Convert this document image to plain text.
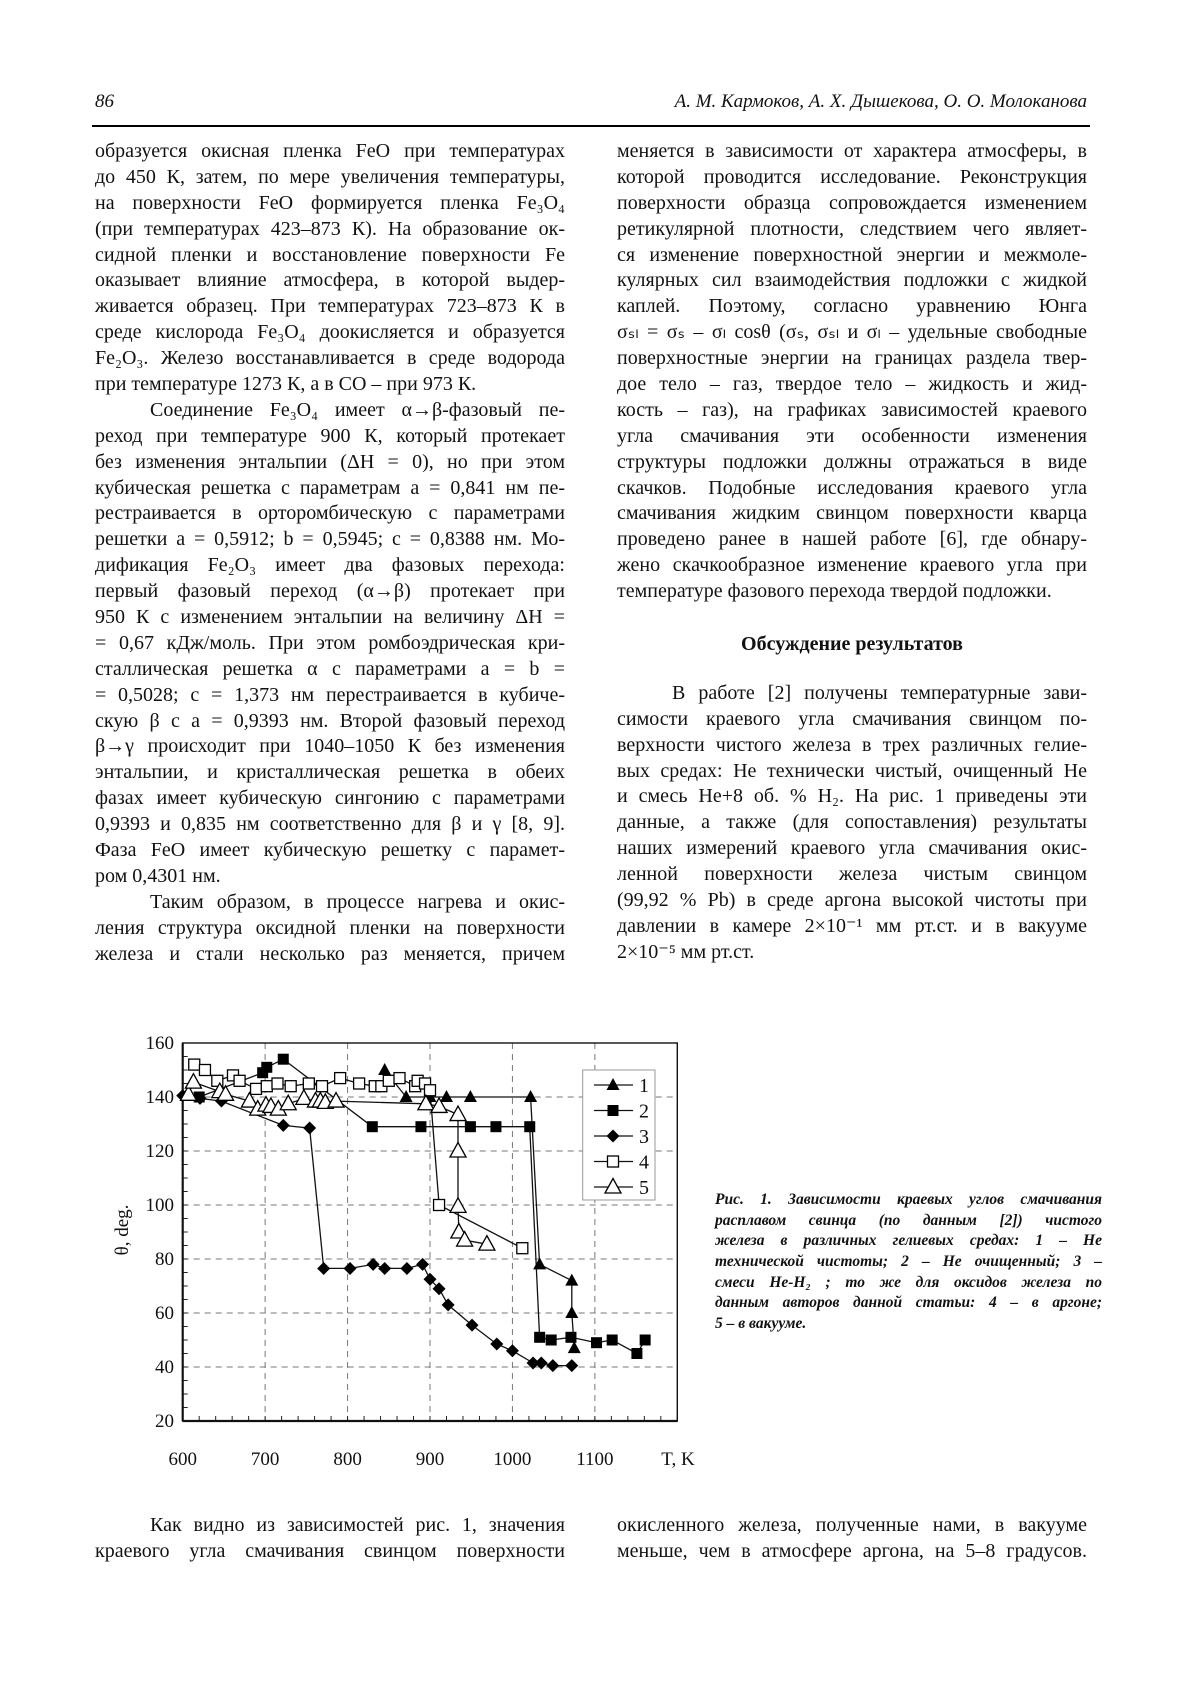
86	А. М. Кармоков, А. Х. Дышекова, О. О. Молоканова
образуется окисная пленка FeO при температурах
до 450 К, затем, по мере увеличения температуры,
на поверхности FeO формируется пленка Fe₃O₄
(при температурах 423–873 К). На образование ок-
сидной пленки и восстановление поверхности Fe
оказывает влияние атмосфера, в которой выдер-
живается образец. При температурах 723–873 К в
среде кислорода Fe₃O₄ доокисляется и образуется
Fe₂O₃. Железо восстанавливается в среде водорода
при температуре 1273 К, а в СО – при 973 К.
Соединение Fe₃O₄ имеет α→β-фазовый пе-
реход при температуре 900 К, который протекает
без изменения энтальпии (ΔH = 0), но при этом
кубическая решетка с параметрам a = 0,841 нм пе-
рестраивается в орторомбическую с параметрами
решетки a = 0,5912; b = 0,5945; c = 0,8388 нм. Мо-
дификация Fe₂O₃ имеет два фазовых перехода:
первый фазовый переход (α→β) протекает при
950 К с изменением энтальпии на величину ΔH =
= 0,67 кДж/моль. При этом ромбоэдрическая кри-
сталлическая решетка α с параметрами a = b =
= 0,5028; c = 1,373 нм перестраивается в кубиче-
скую β с a = 0,9393 нм. Второй фазовый переход
β→γ происходит при 1040–1050 К без изменения
энтальпии, и кристаллическая решетка в обеих
фазах имеет кубическую сингонию с параметрами
0,9393 и 0,835 нм соответственно для β и γ [8, 9].
Фаза FeO имеет кубическую решетку с парамет-
ром 0,4301 нм.
Таким образом, в процессе нагрева и окис-
ления структура оксидной пленки на поверхности
железа и стали несколько раз меняется, причем
меняется в зависимости от характера атмосферы, в
которой проводится исследование. Реконструкция
поверхности образца сопровождается изменением
ретикулярной плотности, следствием чего являет-
ся изменение поверхностной энергии и межмоле-
кулярных сил взаимодействия подложки с жидкой
каплей. Поэтому, согласно уравнению Юнга
σₛₗ = σₛ – σₗ cosθ (σₛ, σₛₗ и σₗ – удельные свободные
поверхностные энергии на границах раздела твер-
дое тело – газ, твердое тело – жидкость и жид-
кость – газ), на графиках зависимостей краевого
угла смачивания эти особенности изменения
структуры подложки должны отражаться в виде
скачков. Подобные исследования краевого угла
смачивания жидким свинцом поверхности кварца
проведено ранее в нашей работе [6], где обнару-
жено скачкообразное изменение краевого угла при
температуре фазового перехода твердой подложки.
Обсуждение результатов
В работе [2] получены температурные зави-
симости краевого угла смачивания свинцом по-
верхности чистого железа в трех различных гелие-
вых средах: He технически чистый, очищенный He
и смесь He+8 об. % H₂. На рис. 1 приведены эти
данные, а также (для сопоставления) результаты
наших измерений краевого угла смачивания окис-
ленной поверхности железа чистым свинцом
(99,92 % Pb) в среде аргона высокой чистоты при
давлении в камере 2×10⁻¹ мм рт.ст. и в вакууме
2×10⁻⁵ мм рт.ст.
600	700	800	900	1000 1100
20
40
60
80
100
120
140
160
T, K
θ, deg.
1
2
3
4
5
Рис. 1. Зависимости краевых углов смачивания
расплавом свинца (по данным [2]) чистого
железа в различных гелиевых средах: 1 – He
технической чистоты; 2 – He очищенный; 3 –
смеси He-H₂ ; то же для оксидов железа по
данным авторов данной статьи: 4 – в аргоне;
5 – в вакууме.
Как видно из зависимостей рис. 1, значения
краевого угла смачивания свинцом поверхности
окисленного железа, полученные нами, в вакууме
меньше, чем в атмосфере аргона, на 5–8 градусов.
